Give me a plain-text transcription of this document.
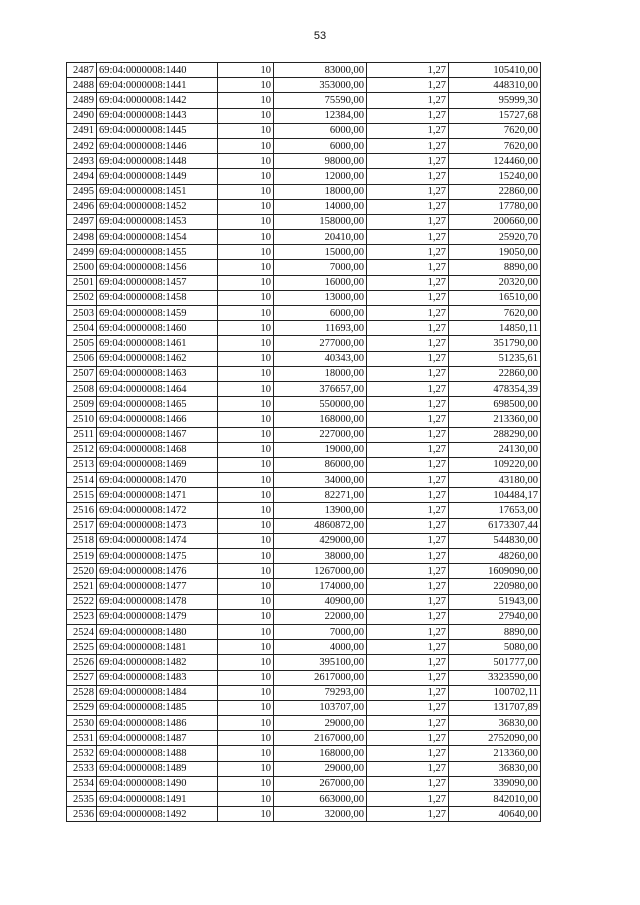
53
2487	69:04:0000008:1440	10	83000,00	1,27	105410,00
2488	69:04:0000008:1441	10	353000,00	1,27	448310,00
2489	69:04:0000008:1442	10	75590,00	1,27	95999,30
2490	69:04:0000008:1443	10	12384,00	1,27	15727,68
2491	69:04:0000008:1445	10	6000,00	1,27	7620,00
2492	69:04:0000008:1446	10	6000,00	1,27	7620,00
2493	69:04:0000008:1448	10	98000,00	1,27	124460,00
2494	69:04:0000008:1449	10	12000,00	1,27	15240,00
2495	69:04:0000008:1451	10	18000,00	1,27	22860,00
2496	69:04:0000008:1452	10	14000,00	1,27	17780,00
2497	69:04:0000008:1453	10	158000,00	1,27	200660,00
2498	69:04:0000008:1454	10	20410,00	1,27	25920,70
2499	69:04:0000008:1455	10	15000,00	1,27	19050,00
2500	69:04:0000008:1456	10	7000,00	1,27	8890,00
2501	69:04:0000008:1457	10	16000,00	1,27	20320,00
2502	69:04:0000008:1458	10	13000,00	1,27	16510,00
2503	69:04:0000008:1459	10	6000,00	1,27	7620,00
2504	69:04:0000008:1460	10	11693,00	1,27	14850,11
2505	69:04:0000008:1461	10	277000,00	1,27	351790,00
2506	69:04:0000008:1462	10	40343,00	1,27	51235,61
2507	69:04:0000008:1463	10	18000,00	1,27	22860,00
2508	69:04:0000008:1464	10	376657,00	1,27	478354,39
2509	69:04:0000008:1465	10	550000,00	1,27	698500,00
2510	69:04:0000008:1466	10	168000,00	1,27	213360,00
2511	69:04:0000008:1467	10	227000,00	1,27	288290,00
2512	69:04:0000008:1468	10	19000,00	1,27	24130,00
2513	69:04:0000008:1469	10	86000,00	1,27	109220,00
2514	69:04:0000008:1470	10	34000,00	1,27	43180,00
2515	69:04:0000008:1471	10	82271,00	1,27	104484,17
2516	69:04:0000008:1472	10	13900,00	1,27	17653,00
2517	69:04:0000008:1473	10	4860872,00	1,27	6173307,44
2518	69:04:0000008:1474	10	429000,00	1,27	544830,00
2519	69:04:0000008:1475	10	38000,00	1,27	48260,00
2520	69:04:0000008:1476	10	1267000,00	1,27	1609090,00
2521	69:04:0000008:1477	10	174000,00	1,27	220980,00
2522	69:04:0000008:1478	10	40900,00	1,27	51943,00
2523	69:04:0000008:1479	10	22000,00	1,27	27940,00
2524	69:04:0000008:1480	10	7000,00	1,27	8890,00
2525	69:04:0000008:1481	10	4000,00	1,27	5080,00
2526	69:04:0000008:1482	10	395100,00	1,27	501777,00
2527	69:04:0000008:1483	10	2617000,00	1,27	3323590,00
2528	69:04:0000008:1484	10	79293,00	1,27	100702,11
2529	69:04:0000008:1485	10	103707,00	1,27	131707,89
2530	69:04:0000008:1486	10	29000,00	1,27	36830,00
2531	69:04:0000008:1487	10	2167000,00	1,27	2752090,00
2532	69:04:0000008:1488	10	168000,00	1,27	213360,00
2533	69:04:0000008:1489	10	29000,00	1,27	36830,00
2534	69:04:0000008:1490	10	267000,00	1,27	339090,00
2535	69:04:0000008:1491	10	663000,00	1,27	842010,00
2536	69:04:0000008:1492	10	32000,00	1,27	40640,00
